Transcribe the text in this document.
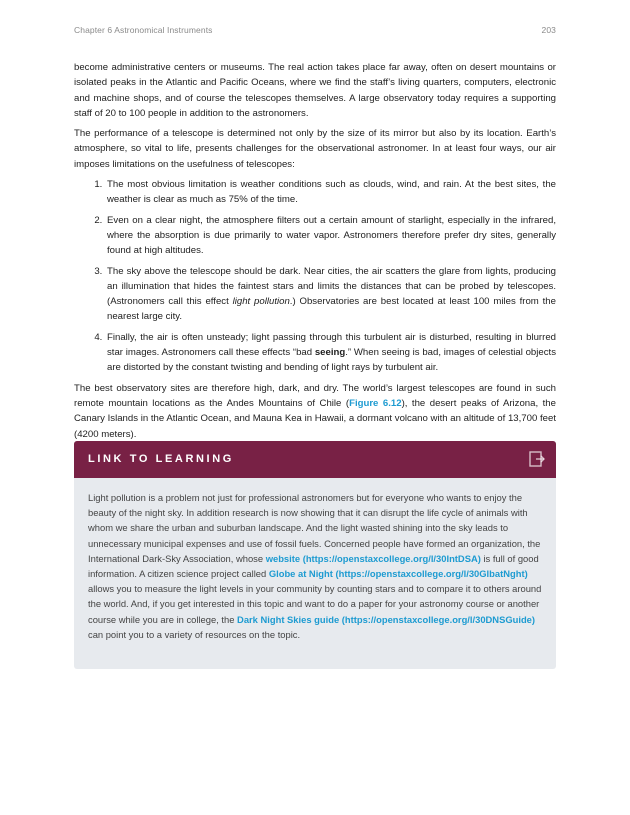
Chapter 6 Astronomical Instruments	203

become administrative centers or museums. The real action takes place far away, often on desert mountains or isolated peaks in the Atlantic and Pacific Oceans, where we find the staff’s living quarters, computers, electronic and machine shops, and of course the telescopes themselves. A large observatory today requires a supporting staff of 20 to 100 people in addition to the astronomers.

The performance of a telescope is determined not only by the size of its mirror but also by its location. Earth’s atmosphere, so vital to life, presents challenges for the observational astronomer. In at least four ways, our air imposes limitations on the usefulness of telescopes:

1. The most obvious limitation is weather conditions such as clouds, wind, and rain. At the best sites, the weather is clear as much as 75% of the time.
2. Even on a clear night, the atmosphere filters out a certain amount of starlight, especially in the infrared, where the absorption is due primarily to water vapor. Astronomers therefore prefer dry sites, generally found at high altitudes.
3. The sky above the telescope should be dark. Near cities, the air scatters the glare from lights, producing an illumination that hides the faintest stars and limits the distances that can be probed by telescopes. (Astronomers call this effect light pollution.) Observatories are best located at least 100 miles from the nearest large city.
4. Finally, the air is often unsteady; light passing through this turbulent air is disturbed, resulting in blurred star images. Astronomers call these effects “bad seeing.” When seeing is bad, images of celestial objects are distorted by the constant twisting and bending of light rays by turbulent air.

The best observatory sites are therefore high, dark, and dry. The world’s largest telescopes are found in such remote mountain locations as the Andes Mountains of Chile (Figure 6.12), the desert peaks of Arizona, the Canary Islands in the Atlantic Ocean, and Mauna Kea in Hawaii, a dormant volcano with an altitude of 13,700 feet (4200 meters).

LINK TO LEARNING
Light pollution is a problem not just for professional astronomers but for everyone who wants to enjoy the beauty of the night sky. In addition research is now showing that it can disrupt the life cycle of animals with whom we share the urban and suburban landscape. And the light wasted shining into the sky leads to unnecessary municipal expenses and use of fossil fuels. Concerned people have formed an organization, the International Dark-Sky Association, whose website (https://openstaxcollege.org/l/30IntDSA) is full of good information. A citizen science project called Globe at Night (https://openstaxcollege.org/l/30GlbatNght) allows you to measure the light levels in your community by counting stars and to compare it to others around the world. And, if you get interested in this topic and want to do a paper for your astronomy course or another course while you are in college, the Dark Night Skies guide (https://openstaxcollege.org/l/30DNSGuide) can point you to a variety of resources on the topic.
